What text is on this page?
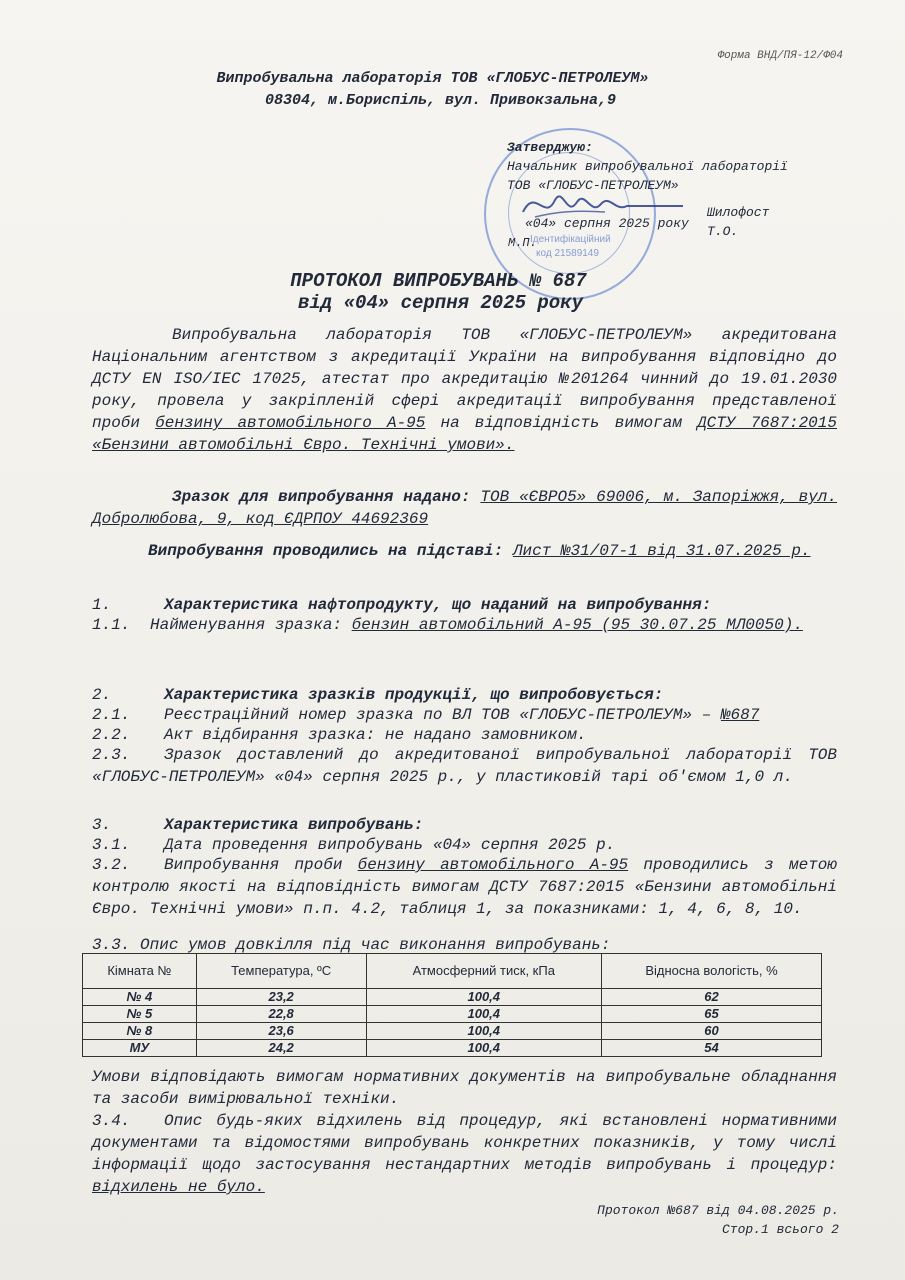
Форма ВНД/ПЯ-12/Ф04
Випробувальна лабораторія ТОВ «ГЛОБУС-ПЕТРОЛЕУМ»
08304, м.Бориспіль, вул. Привокзальна,9
Ідентифікаційний
код 21589149
Затверджую:
Начальник випробувальної лабораторії
ТОВ «ГЛОБУС-ПЕТРОЛЕУМ»
Шилофост Т.О.
«04» серпня 2025 року
М.П.
ПРОТОКОЛ ВИПРОБУВАНЬ № 687
від «04» серпня 2025 року
Випробувальна лабораторія ТОВ «ГЛОБУС-ПЕТРОЛЕУМ» акредитована Національним агентством з акредитації України на випробування відповідно до ДСТУ EN ISO/IEC 17025, атестат про акредитацію №201264 чинний до 19.01.2030 року, провела у закріпленій сфері акредитації випробування представленої проби бензину автомобільного А-95 на відповідність вимогам ДСТУ 7687:2015 «Бензини автомобільні Євро. Технічні умови».
Зразок для випробування надано: ТОВ «ЄВРО5» 69006, м. Запоріжжя, вул. Добролюбова, 9, код ЄДРПОУ 44692369
Випробування проводились на підставі: Лист №31/07-1 від 31.07.2025 р.
1.	Характеристика нафтопродукту, що наданий на випробування:
1.1. Найменування зразка: бензин автомобільний А-95 (95 30.07.25 МЛ0050).
2.	Характеристика зразків продукції, що випробовується:
2.1. Реєстраційний номер зразка по ВЛ ТОВ «ГЛОБУС-ПЕТРОЛЕУМ» – №687
2.2. Акт відбирання зразка: не надано замовником.
2.3. Зразок доставлений до акредитованої випробувальної лабораторії ТОВ «ГЛОБУС-ПЕТРОЛЕУМ» «04» серпня 2025 р., у пластиковій тарі об'ємом 1,0 л.
3.	Характеристика випробувань:
3.1. Дата проведення випробувань «04» серпня 2025 р.
3.2. Випробування проби бензину автомобільного А-95 проводились з метою контролю якості на відповідність вимогам ДСТУ 7687:2015 «Бензини автомобільні Євро. Технічні умови» п.п. 4.2, таблиця 1, за показниками: 1, 4, 6, 8, 10.
3.3. Опис умов довкілля під час виконання випробувань:
Кімната №	Температура, ºС	Атмосферний тиск, кПа	Відносна вологість, %
№ 4	23,2	100,4	62
№ 5	22,8	100,4	65
№ 8	23,6	100,4	60
МУ	24,2	100,4	54
Умови відповідають вимогам нормативних документів на випробувальне обладнання та засоби вимірювальної техніки.
3.4. Опис будь-яких відхилень від процедур, які встановлені нормативними документами та відомостями випробувань конкретних показників, у тому числі інформації щодо застосування нестандартних методів випробувань і процедур: відхилень не було.
Протокол №687 від 04.08.2025 р.
Стор.1 всього 2
